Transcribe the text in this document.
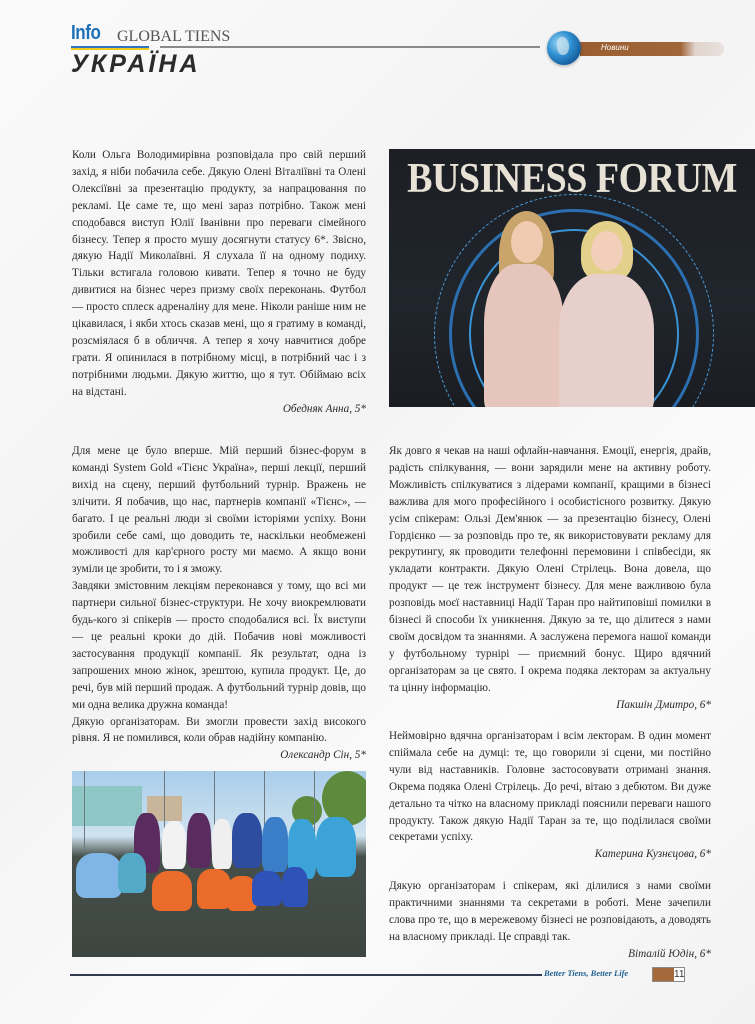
Info GLOBAL TIENS
УКРАЇНА
Новини

Коли Ольга Володимирівна розповідала про свій перший захід, я ніби побачила себе. Дякую Олені Віталіївні та Олені Олексіївні за презентацію продукту, за напрацювання по рекламі. Це саме те, що мені зараз потрібно. Також мені сподобався виступ Юлії Іванівни про переваги сімейного бізнесу. Тепер я просто мушу досягнути статусу 6*. Звісно, дякую Надії Миколаївні. Я слухала її на одному подиху. Тільки встигала головою кивати. Тепер я точно не буду дивитися на бізнес через призму своїх переконань. Футбол — просто сплеск адреналіну для мене. Ніколи раніше ним не цікавилася, і якби хтось сказав мені, що я гратиму в команді, розсміялася б в обличчя. А тепер я хочу навчитися добре грати. Я опинилася в потрібному місці, в потрібний час і з потрібними людьми. Дякую життю, що я тут. Обіймаю всіх на відстані.

Обедняк Анна, 5*

Для мене це було вперше. Мій перший бізнес-форум в команді System Gold «Тієнс Україна», перші лекції, перший вихід на сцену, перший футбольний турнір. Вражень не злічити. Я побачив, що нас, партнерів компанії «Тієнс», — багато. І це реальні люди зі своїми історіями успіху. Вони зробили себе самі, що доводить те, наскільки необмежені можливості для кар'єрного росту ми маємо. А якщо вони зуміли це зробити, то і я зможу.

Завдяки змістовним лекціям переконався у тому, що всі ми партнери сильної бізнес-структури. Не хочу виокремлювати будь-кого зі спікерів — просто сподобалися всі. Їх виступи — це реальні кроки до дій. Побачив нові можливості застосування продукції компанії. Як результат, одна із запрошених мною жінок, зрештою, купила продукт. Це, до речі, був мій перший продаж. А футбольний турнір довів, що ми одна велика дружна команда!

Дякую організаторам. Ви змогли провести захід високого рівня. Я не помилився, коли обрав надійну компанію.

Олександр Сін, 5*

BUSINESS FORUM

Як довго я чекав на наші офлайн-навчання. Емоції, енергія, драйв, радість спілкування, — вони зарядили мене на активну роботу. Можливість спілкуватися з лідерами компанії, кращими в бізнесі важлива для мого професійного і особистісного розвитку. Дякую усім спікерам: Ользі Дем'янюк — за презентацію бізнесу, Олені Гордієнко — за розповідь про те, як використовувати рекламу для рекрутингу, як проводити телефонні перемовини і співбесіди, як укладати контракти. Дякую Олені Стрілець. Вона довела, що продукт — це теж інструмент бізнесу. Для мене важливою була розповідь моєї наставниці Надії Таран про найтиповіші помилки в бізнесі й способи їх уникнення. Дякую за те, що ділитеся з нами своїм досвідом та знаннями. А заслужена перемога нашої команди у футбольному турнірі — приємний бонус. Щиро вдячний організаторам за це свято. І окрема подяка лекторам за актуальну та цінну інформацію.

Пакшін Дмитро, 6*

Неймовірно вдячна організаторам і всім лекторам. В один момент спіймала себе на думці: те, що говорили зі сцени, ми постійно чули від наставників. Головне застосовувати отримані знання. Окрема подяка Олені Стрілець. До речі, вітаю з дебютом. Ви дуже детально та чітко на власному прикладі пояснили переваги нашого продукту. Також дякую Надії Таран за те, що поділилася своїми секретами успіху.

Катерина Кузнєцова, 6*

Дякую організаторам і спікерам, які ділилися з нами своїми практичними знаннями та секретами в роботі. Мене зачепили слова про те, що в мережевому бізнесі не розповідають, а доводять на власному прикладі. Це справді так.

Віталій Юдін, 6*

Better Tiens, Better Life	11
